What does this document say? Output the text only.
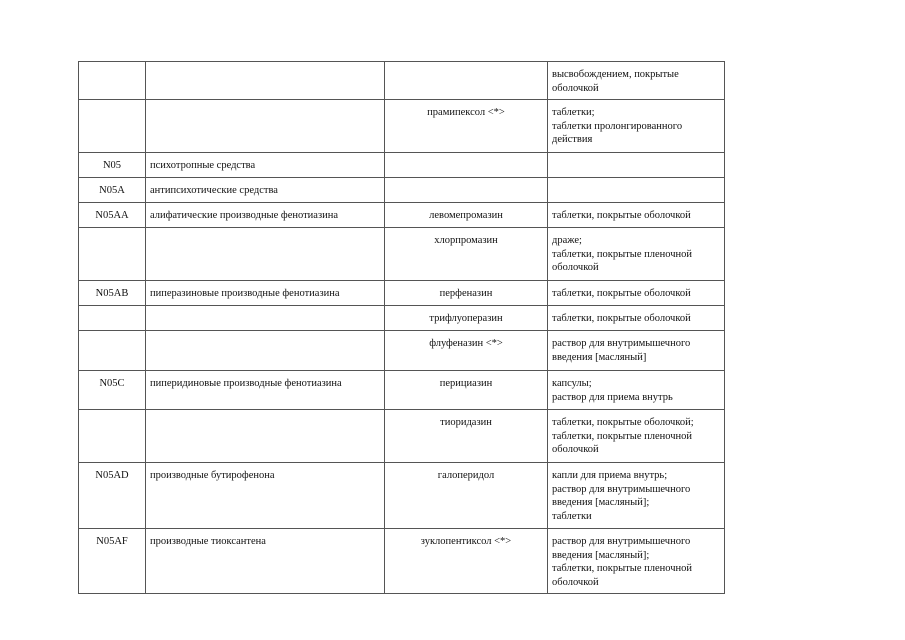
			высвобождением, покрытые
оболочкой

		прамипексол <*>	таблетки;
таблетки пролонгированного
действия

N05	психотропные средства		
N05A	антипсихотические средства		
N05AA	алифатические производные фенотиазина	левомепромазин	таблетки, покрытые оболочкой

		хлорпромазин	драже;
таблетки, покрытые пленочной
оболочкой

N05AB	пиперазиновые производные фенотиазина	перфеназин	таблетки, покрытые оболочкой

		трифлуоперазин	таблетки, покрытые оболочкой

		флуфеназин <*>	раствор для внутримышечного
введения [масляный]

N05C	пиперидиновые производные фенотиазина	перициазин	капсулы;
раствор для приема внутрь

		тиоридазин	таблетки, покрытые оболочкой;
таблетки, покрытые пленочной
оболочкой

N05AD	производные бутирофенона	галоперидол	капли для приема внутрь;
раствор для внутримышечного
введения [масляный];
таблетки

N05AF	производные тиоксантена	зуклопентиксол <*>	раствор для внутримышечного
введения [масляный];
таблетки, покрытые пленочной
оболочкой
